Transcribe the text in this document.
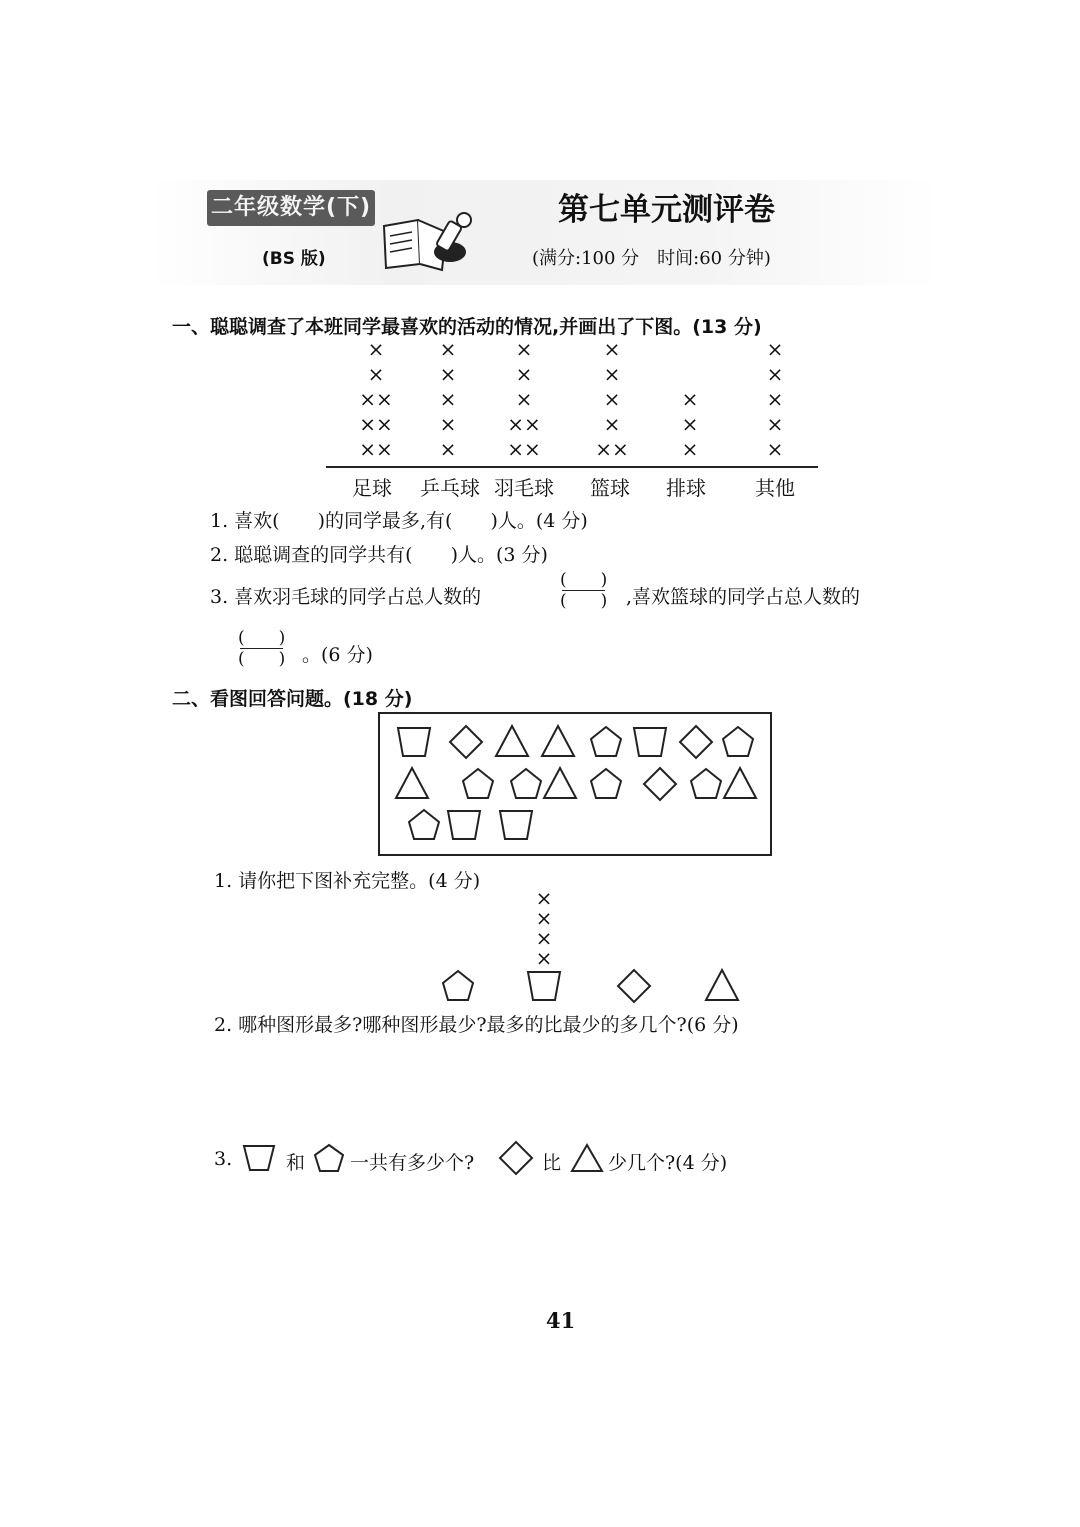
二年级数学(下)
(BS 版)
第七单元测评卷
(满分:100 分　时间:60 分钟)
一、聪聪调查了本班同学最喜欢的活动的情况,并画出了下图。(13 分)
××
××
××
×
×
×
×
×
×
×
××
××
×
×
×
××
×
×
×
×
×
×
×
×
×
×
×
×
足球 乒乓球 羽毛球 篮球 排球 其他
1. 喜欢(　　)的同学最多,有(　　)人。(4 分)
2. 聪聪调查的同学共有(　　)人。(3 分)
3. 喜欢羽毛球的同学占总人数的
(　　)
(　　) ,喜欢篮球的同学占总人数的
(　　)
(　　) 。(6 分)
二、看图回答问题。(18 分)
1. 请你把下图补充完整。(4 分)
×
×
×
×
2. 哪种图形最多?哪种图形最少?最多的比最少的多几个?(6 分)
3.	和 一共有多少个?	比 少几个?(4 分)
41
